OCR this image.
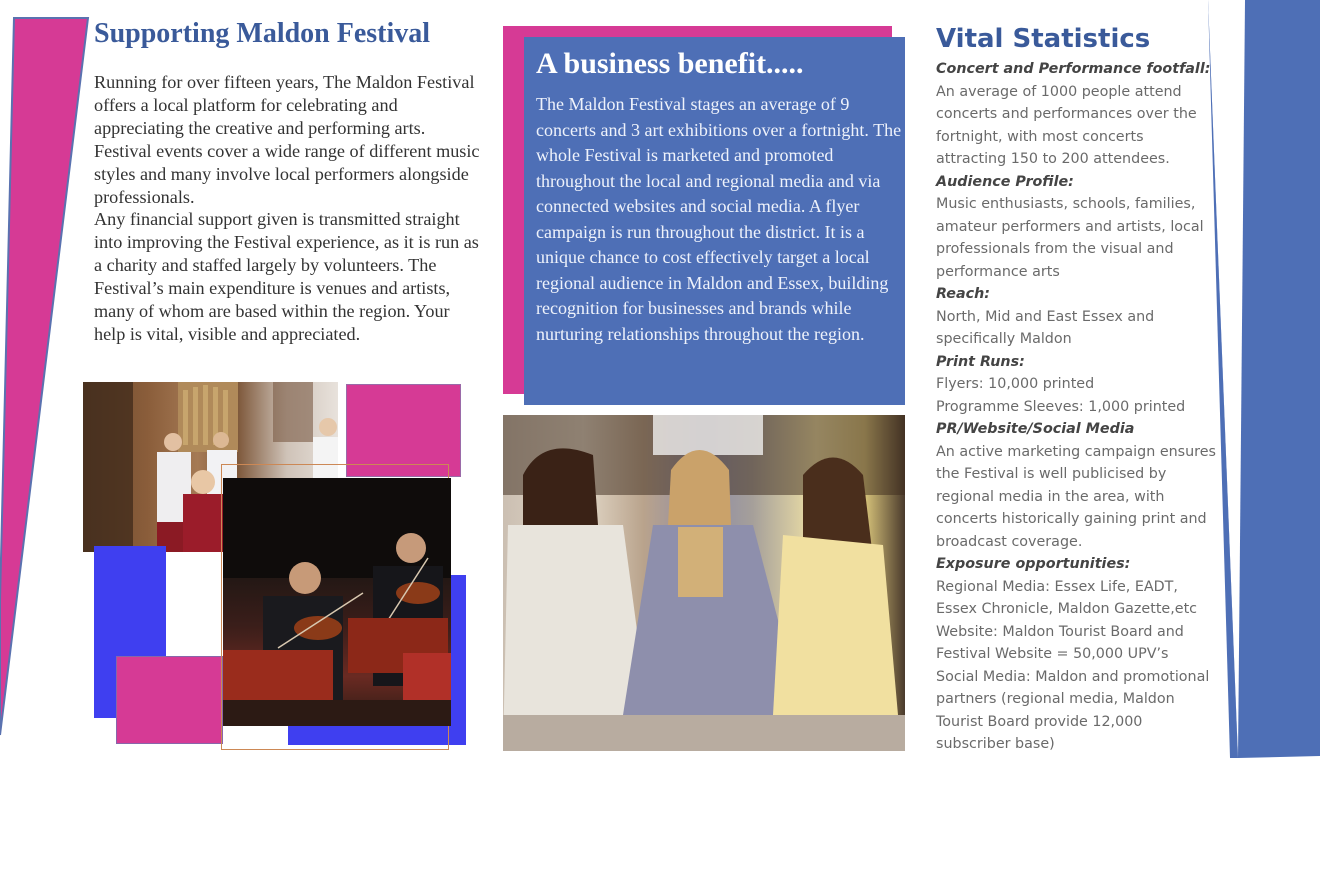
Supporting Maldon Festival

Running for over fifteen years, The Maldon Festival offers a local platform for celebrating and appreciating the creative and performing arts. Festival events cover a wide range of different music styles and many involve local performers alongside professionals.

Any financial support given is transmitted straight into improving the Festival experience, as it is run as a charity and staffed largely by volunteers. The Festival’s main expenditure is venues and artists, many of whom are based within the region. Your help is vital, visible and appreciated.

A business benefit.....

The Maldon Festival stages an average of 9 concerts and 3 art exhibitions over a fortnight. The whole Festival is marketed and promoted throughout the local and regional media and via connected websites and social media. A flyer campaign is run throughout the district. It is a unique chance to cost effectively target a local regional audience in Maldon and Essex, building recognition for businesses and brands while nurturing relationships throughout the region.

Vital Statistics
Concert and Performance footfall:
An average of 1000 people attend concerts and performances over the fortnight, with most concerts attracting 150 to 200 attendees.
Audience Profile:
Music enthusiasts, schools, families, amateur performers and artists, local professionals from the visual and performance arts
Reach:
North, Mid and East Essex and specifically Maldon
Print Runs:
Flyers: 10,000 printed
Programme Sleeves: 1,000 printed
PR/Website/Social Media
An active marketing campaign ensures the Festival is well publicised by regional media in the area, with concerts historically gaining print and broadcast coverage.
Exposure opportunities:
Regional Media: Essex Life, EADT, Essex Chronicle, Maldon Gazette,etc
Website: Maldon Tourist Board and Festival Website = 50,000 UPV’s
Social Media: Maldon and promotional partners (regional media, Maldon Tourist Board provide 12,000 subscriber base)
